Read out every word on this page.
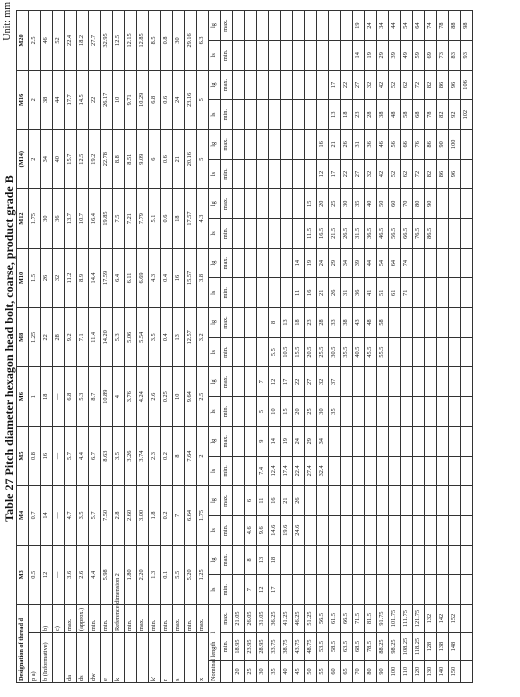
Table 27 Pitch diameter hexagon head bolt, coarse, product grade B
Unit: mm
Designation of thread d			M3		M4		M5		M6		M8		M10		M12		(M14)		M16		M20	
p a)			0.5		0.7		0.8		1		1.25		1.5		1.75		2		2		2.5	
b (Informative)		b)	12		14		16		18		22		26		30		34		38		46	
		c)	—		—		—		—		28		32		36		40		44		52	
da		max.	3.6		4.7		5.7		6.8		9.2		11.2		13.7		15.7		17.7		22.4	
ds		(approx.)	2.6		3.5		4.4		5.3		7.1		8.9		10.7		12.5		14.5		18.2	
dw		min.	4.4		5.7		6.7		8.7		11.4		14.4		16.4		19.2		22		27.7	
e		min.	5.98		7.50		8.63		10.89		14.20		17.59		19.85		22.78		26.17		32.95	
k		Reference dimension	2		2.8		3.5		4		5.3		6.4		7.5		8.8		10		12.5	
		min.	1.80		2.60		3.26		3.76		5.06		6.11		7.21		8.51		9.71		12.15	
		max.	2.20		3.00		3.74		4.24		5.54		6.69		7.79		9.09		10.29		12.85	
k'		min.	1.3		1.8		2.3		2.6		3.5		4.3		5.1		6		6.8		8.5	
r		min.	0.1		0.2		0.2		0.25		0.4		0.4		0.6		0.6		0.6		0.8	
s		max.	5.5		7		8		10		13		16		18		21		24		30	
		min.	5.20		6.64		7.64		9.64		12.57		15.57		17.57		20.16		23.16		29.16	
x		max.	1.25		1.75		2		2.5		3.2		3.8		4.3		5		5		6.3	
Nominal length	l		ls	lg	ls	lg	ls	lg	ls	lg	ls	lg	ls	lg	ls	lg	ls	lg	ls	lg	ls	lg
	min.	max.	min.	max.	min.	max.	min.	max.	min.	max.	min.	max.	min.	max.	min.	max.	min.	max.	min.	max.	min.	max.
20	18.95	21.05																				
25	23.95	26.05	7	8	4.6	6																
30	28.95	31.05	12	13	9.6	11	7.4	9	5	7												
35	33.75	36.25	17	18	14.6	16	12.4	14	10	12	5.5	8										
40	38.75	41.25			19.6	21	17.4	19	15	17	10.5	13										
45	43.75	46.25			24.6	26	22.4	24	20	22	15.5	18	11	14								
50	48.75	51.25					27.4	29	25	27	20.5	23	16	19	11.5	15						
55	53.5	56.5					32.4	34	30	32	25.5	28	21	24	16.5	20	12	16				
60	58.5	61.5							35	37	30.5	33	26	29	21.5	25	17	21	13	17		
65	63.5	66.5									35.5	38	31	34	26.5	30	22	26	18	22		
70	68.5	71.5									40.5	43	36	39	31.5	35	27	31	23	27	14	19
80	78.5	81.5									45.5	48	41	44	36.5	40	32	36	28	32	19	24
90	88.25	91.75									55.5	58	51	54	46.5	50	42	46	38	42	29	34
100	98.25	101.75											61	64	56.5	60	52	56	48	52	39	44
110	108.25	111.75											71	74	66.5	70	62	66	58	62	49	54
120	118.25	121.75													76.5	80	72	76	68	72	59	64
130	128	132													86.5	90	82	86	78	82	69	74
140	138	142															86	90	82	86	73	78
150	148	152															96	100	92	96	83	88
																			102	106	93	98
